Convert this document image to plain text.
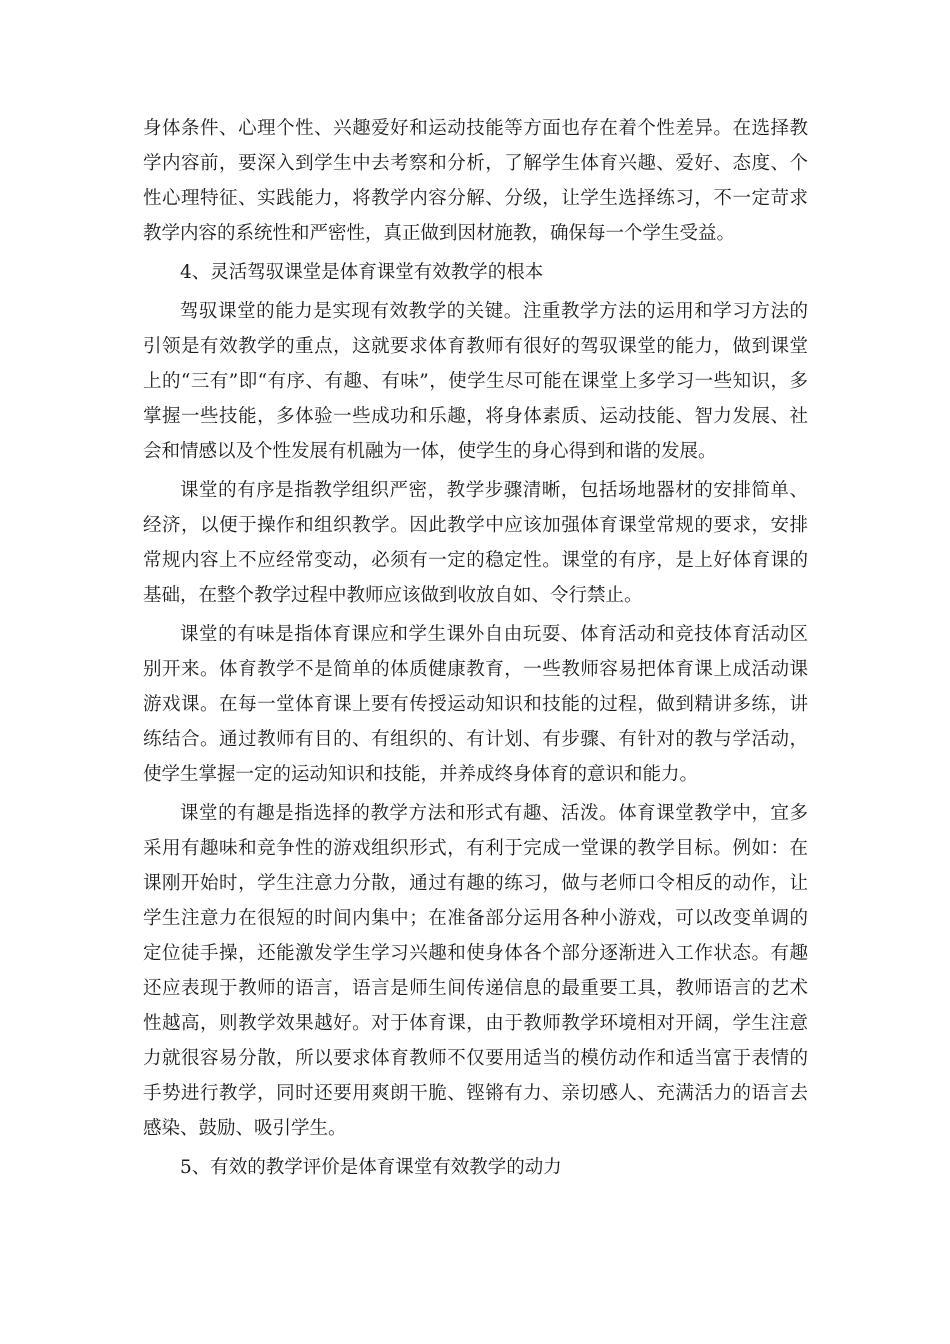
身体条件、心理个性、兴趣爱好和运动技能等方面也存在着个性差异。在选择教学内容前，要深入到学生中去考察和分析，了解学生体育兴趣、爱好、态度、个性心理特征、实践能力，将教学内容分解、分级，让学生选择练习，不一定苛求教学内容的系统性和严密性，真正做到因材施教，确保每一个学生受益。

4、灵活驾驭课堂是体育课堂有效教学的根本

驾驭课堂的能力是实现有效教学的关键。注重教学方法的运用和学习方法的引领是有效教学的重点，这就要求体育教师有很好的驾驭课堂的能力，做到课堂上的“三有”即“有序、有趣、有味”，使学生尽可能在课堂上多学习一些知识，多掌握一些技能，多体验一些成功和乐趣，将身体素质、运动技能、智力发展、社会和情感以及个性发展有机融为一体，使学生的身心得到和谐的发展。

课堂的有序是指教学组织严密，教学步骤清晰，包括场地器材的安排简单、经济，以便于操作和组织教学。因此教学中应该加强体育课堂常规的要求，安排常规内容上不应经常变动，必须有一定的稳定性。课堂的有序，是上好体育课的基础，在整个教学过程中教师应该做到收放自如、令行禁止。

课堂的有味是指体育课应和学生课外自由玩耍、体育活动和竞技体育活动区别开来。体育教学不是简单的体质健康教育，一些教师容易把体育课上成活动课游戏课。在每一堂体育课上要有传授运动知识和技能的过程，做到精讲多练，讲练结合。通过教师有目的、有组织的、有计划、有步骤、有针对的教与学活动，使学生掌握一定的运动知识和技能，并养成终身体育的意识和能力。

课堂的有趣是指选择的教学方法和形式有趣、活泼。体育课堂教学中，宜多采用有趣味和竞争性的游戏组织形式，有利于完成一堂课的教学目标。例如：在课刚开始时，学生注意力分散，通过有趣的练习，做与老师口令相反的动作，让学生注意力在很短的时间内集中；在准备部分运用各种小游戏，可以改变单调的定位徒手操，还能激发学生学习兴趣和使身体各个部分逐渐进入工作状态。有趣还应表现于教师的语言，语言是师生间传递信息的最重要工具，教师语言的艺术性越高，则教学效果越好。对于体育课，由于教师教学环境相对开阔，学生注意力就很容易分散，所以要求体育教师不仅要用适当的模仿动作和适当富于表情的手势进行教学，同时还要用爽朗干脆、铿锵有力、亲切感人、充满活力的语言去感染、鼓励、吸引学生。

5、有效的教学评价是体育课堂有效教学的动力
